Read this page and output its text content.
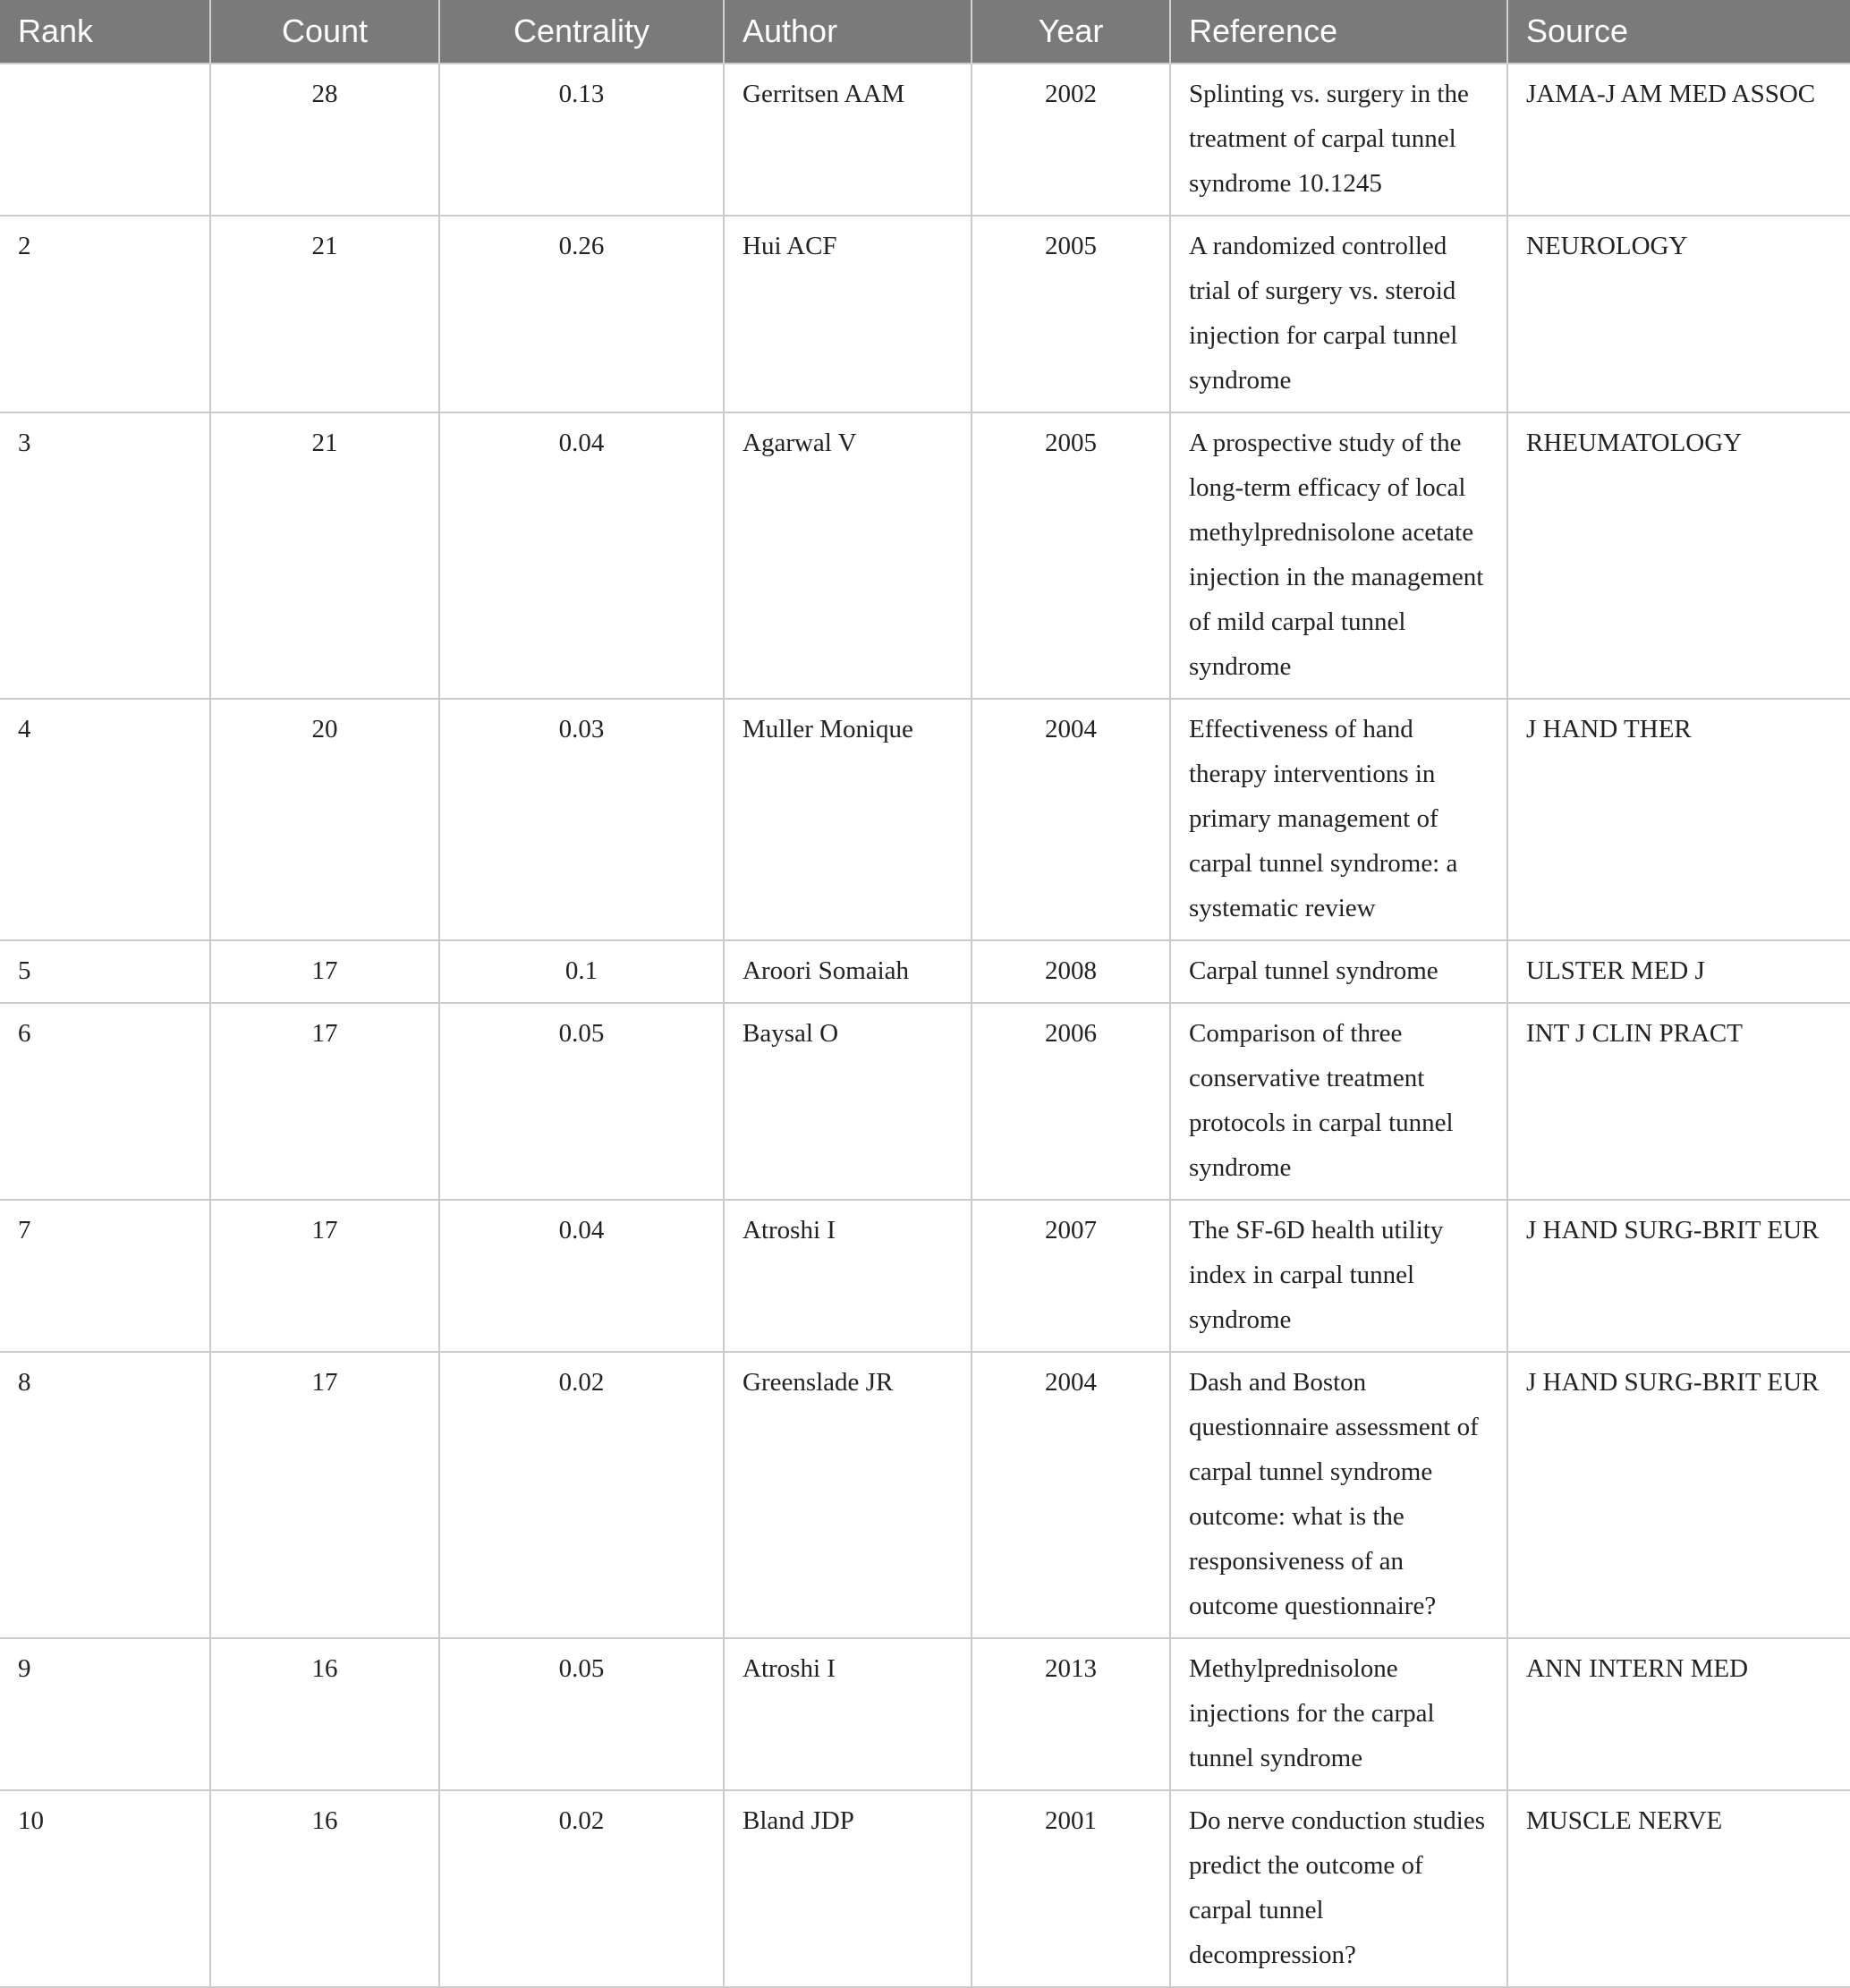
Rank	Count	Centrality	Author	Year	Reference	Source
	28	0.13	Gerritsen AAM	2002	Splinting vs. surgery in the treatment of carpal tunnel syndrome 10.1245	JAMA-J AM MED ASSOC
2	21	0.26	Hui ACF	2005	A randomized controlled trial of surgery vs. steroid injection for carpal tunnel syndrome	NEUROLOGY
3	21	0.04	Agarwal V	2005	A prospective study of the long-term efficacy of local methylprednisolone acetate injection in the management of mild carpal tunnel syndrome	RHEUMATOLOGY
4	20	0.03	Muller Monique	2004	Effectiveness of hand therapy interventions in primary management of carpal tunnel syndrome: a systematic review	J HAND THER
5	17	0.1	Aroori Somaiah	2008	Carpal tunnel syndrome	ULSTER MED J
6	17	0.05	Baysal O	2006	Comparison of three conservative treatment protocols in carpal tunnel syndrome	INT J CLIN PRACT
7	17	0.04	Atroshi I	2007	The SF-6D health utility index in carpal tunnel syndrome	J HAND SURG-BRIT EUR
8	17	0.02	Greenslade JR	2004	Dash and Boston questionnaire assessment of carpal tunnel syndrome outcome: what is the responsiveness of an outcome questionnaire?	J HAND SURG-BRIT EUR
9	16	0.05	Atroshi I	2013	Methylprednisolone injections for the carpal tunnel syndrome	ANN INTERN MED
10	16	0.02	Bland JDP	2001	Do nerve conduction studies predict the outcome of carpal tunnel decompression?	MUSCLE NERVE
